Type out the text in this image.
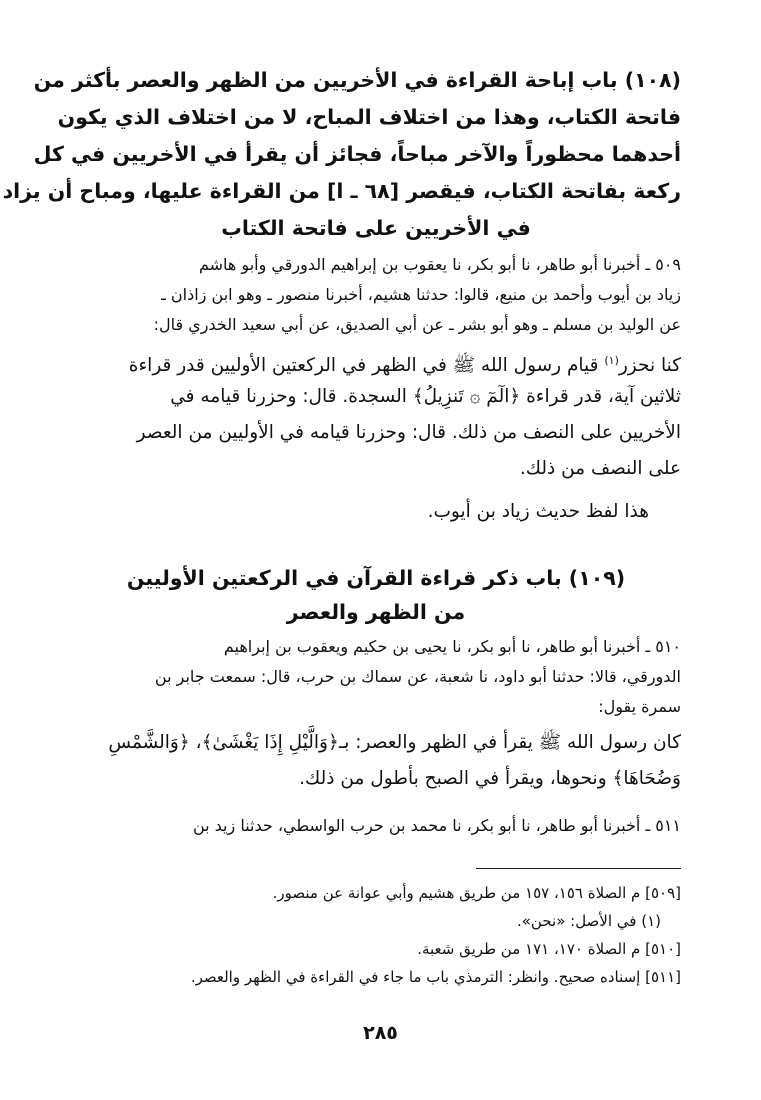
(١٠٨) باب إباحة القراءة في الأخريين من الظهر والعصر بأكثر من
فاتحة الكتاب، وهذا من اختلاف المباح، لا من اختلاف الذي يكون
أحدهما محظوراً والآخر مباحاً، فجائز أن يقرأ في الأخريين في كل
ركعة بفاتحة الكتاب، فيقصر [٦٨ ـ ا] من القراءة عليها، ومباح أن يزاد
في الأخريين على فاتحة الكتاب
٥٠٩ ـ أخبرنا أبو طاهر، نا أبو بكر، نا يعقوب بن إبراهيم الدورقي وأبو هاشم
زياد بن أيوب وأحمد بن منيع، قالوا: حدثنا هشيم، أخبرنا منصور ـ وهو ابن زاذان ـ
عن الوليد بن مسلم ـ وهو أبو بشر ـ عن أبي الصديق، عن أبي سعيد الخدري قال:
كنا نحزر$^{(١)}$ قيام رسول الله ﷺ في الظهر في الركعتين الأوليين قدر قراءة
ثلاثين آية، قدر قراءة ﴿الٓمٓ ۞ تَنزِيلُ﴾ السجدة. قال: وحزرنا قيامه في
الأخريين على النصف من ذلك. قال: وحزرنا قيامه في الأوليين من العصر
على النصف من ذلك.
هذا لفظ حديث زياد بن أيوب.
(١٠٩) باب ذكر قراءة القرآن في الركعتين الأوليين
من الظهر والعصر
٥١٠ ـ أخبرنا أبو طاهر، نا أبو بكر، نا يحيى بن حكيم ويعقوب بن إبراهيم
الدورقي، قالا: حدثنا أبو داود، نا شعبة، عن سماك بن حرب، قال: سمعت جابر بن
سمرة يقول:
كان رسول الله ﷺ يقرأ في الظهر والعصر: بـ﴿وَالَّيْلِ إِذَا يَغْشَىٰ﴾، ﴿وَالشَّمْسِ
وَضُحَاهَا﴾ ونحوها، ويقرأ في الصبح بأطول من ذلك.
٥١١ ـ أخبرنا أبو طاهر، نا أبو بكر، نا محمد بن حرب الواسطي، حدثنا زيد بن
[٥٠٩] م الصلاة ١٥٦، ١٥٧ من طريق هشيم وأبي عوانة عن منصور.
(١) في الأصل: «نحن».
[٥١٠] م الصلاة ١٧٠، ١٧١ من طريق شعبة.
[٥١١] إسناده صحيح. وانظر: الترمذي باب ما جاء في القراءة في الظهر والعصر.
٢٨٥
